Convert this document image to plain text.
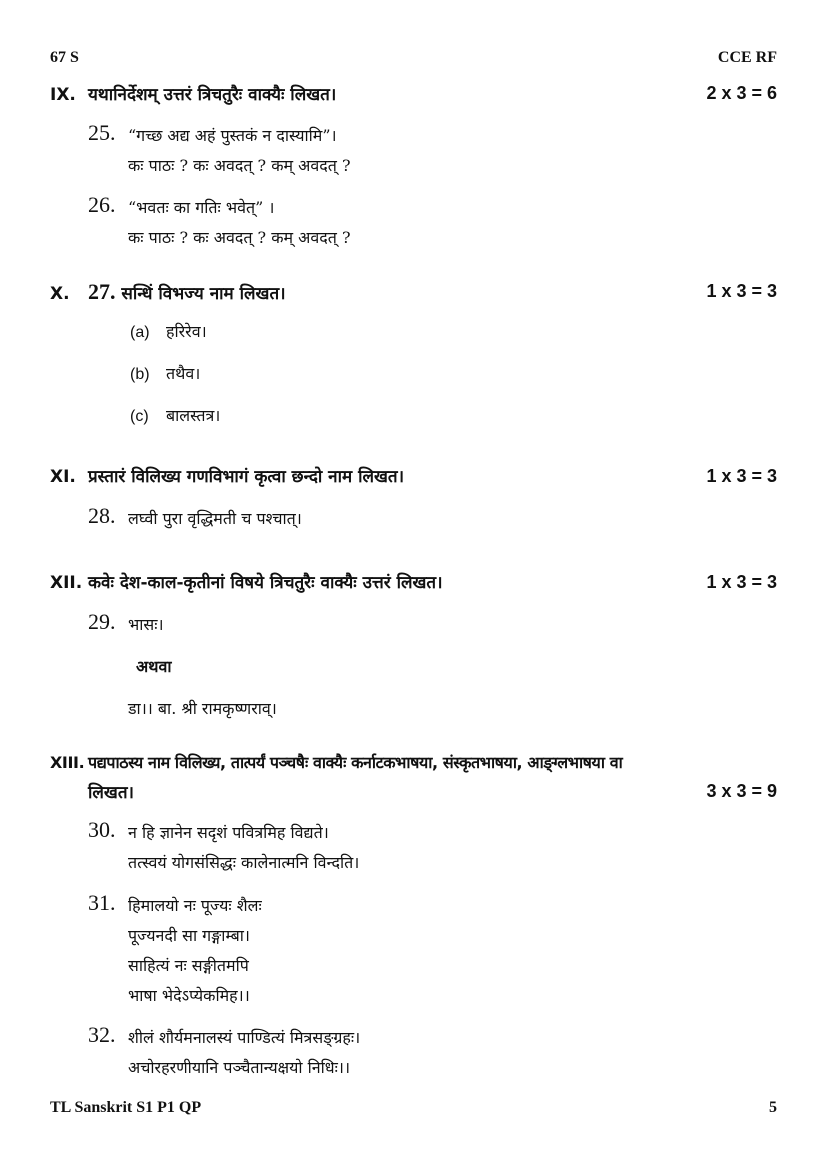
67 S	CCE RF
IX. यथानिर्देशम् उत्तरं त्रिचतुरैः वाक्यैः लिखत।	2 x 3 = 6
25. “गच्छ अद्य अहं पुस्तकं न दास्यामि”।
कः पाठः ? कः अवदत् ? कम् अवदत् ?
26. “भवतः का गतिः भवेत्” ।
कः पाठः ? कः अवदत् ? कम् अवदत् ?
X. 27. सन्धिं विभज्य नाम लिखत।	1 x 3 = 3
(a) हरिरेव।
(b) तथैव।
(c) बालस्तत्र।
XI. प्रस्तारं विलिख्य गणविभागं कृत्वा छन्दो नाम लिखत।	1 x 3 = 3
28. लघ्वी पुरा वृद्धिमती च पश्चात्।
XII. कवेः देश-काल-कृतीनां विषये त्रिचतुरैः वाक्यैः उत्तरं लिखत।	1 x 3 = 3
29. भासः।
अथवा
डा।। बा. श्री रामकृष्णराव्।
XIII. पद्यपाठस्य नाम विलिख्य, तात्पर्यं पञ्चषैः वाक्यैः कर्नाटकभाषया, संस्कृतभाषया, आङ्ग्लभाषया वा
लिखत।	3 x 3 = 9
30. न हि ज्ञानेन सदृशं पवित्रमिह विद्यते।
तत्स्वयं योगसंसिद्धः कालेनात्मनि विन्दति।
31. हिमालयो नः पूज्यः शैलः
पूज्यनदी सा गङ्गाम्बा।
साहित्यं नः सङ्गीतमपि
भाषा भेदेऽप्येकमिह।।
32. शीलं शौर्यमनालस्यं पाण्डित्यं मित्रसङ्ग्रहः।
अचोरहरणीयानि पञ्चैतान्यक्षयो निधिः।।
TL Sanskrit S1 P1 QP	5
